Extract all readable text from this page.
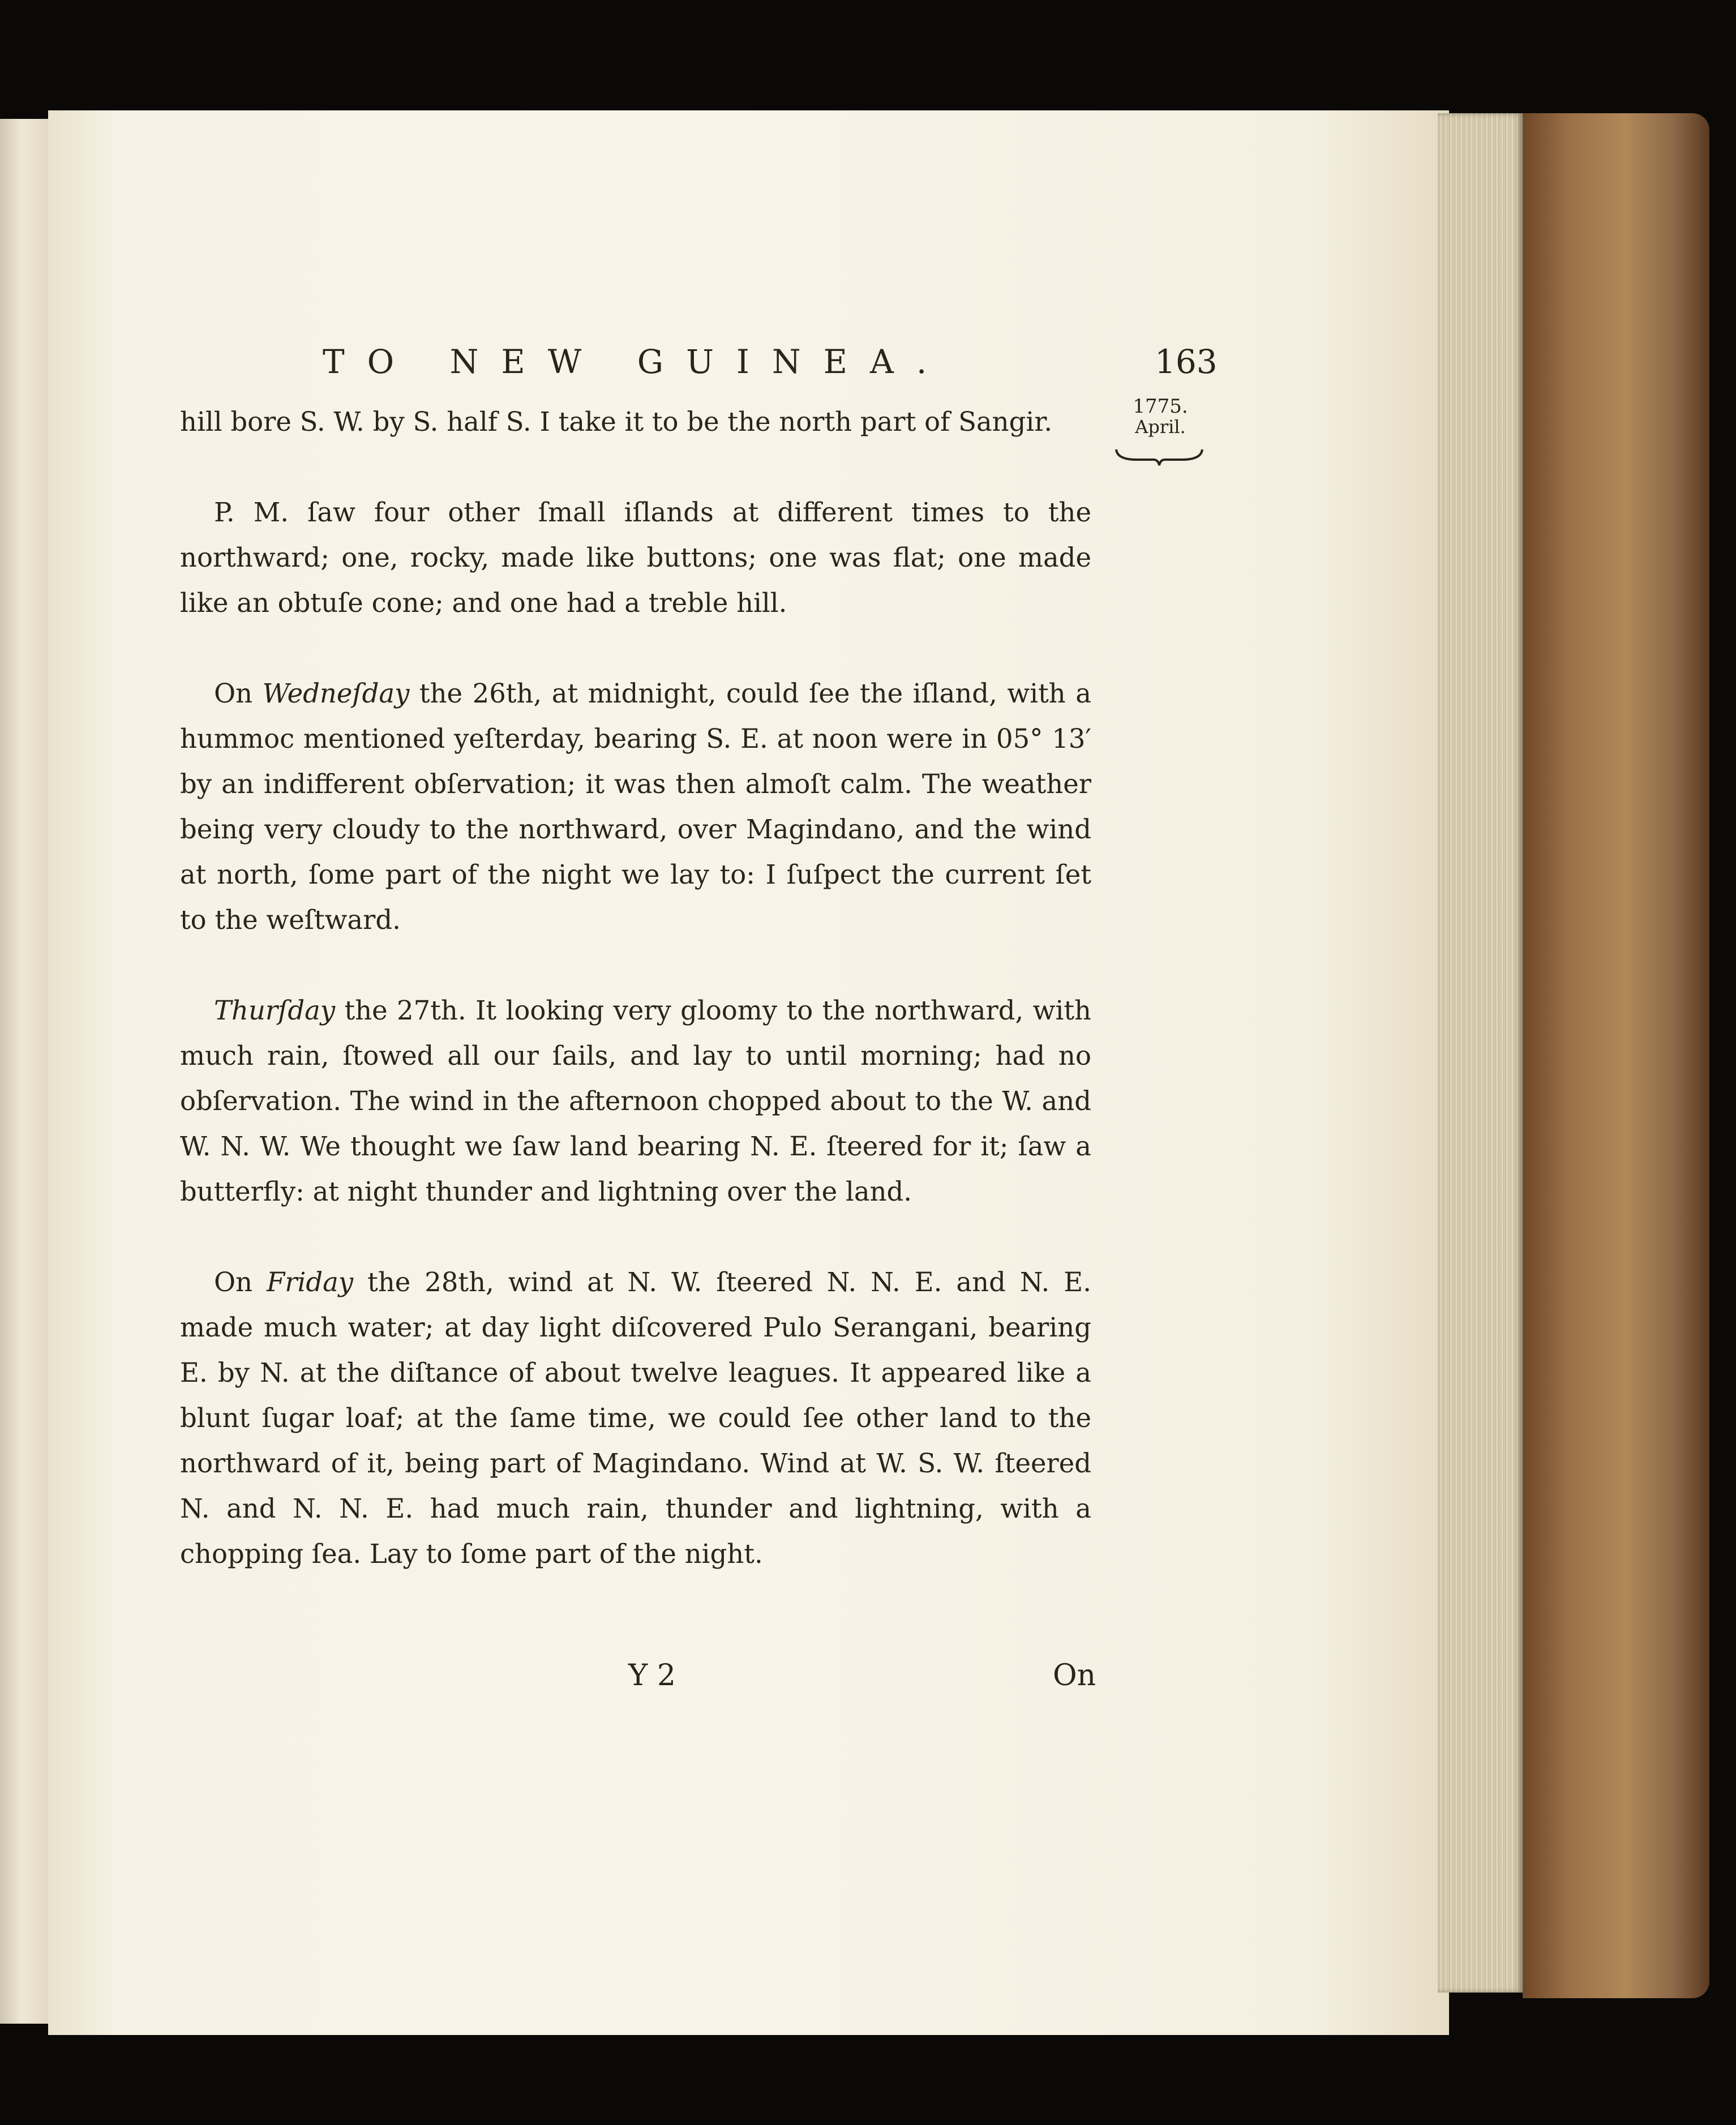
TO NEW GUINEA.	163
1775.
April.

hill bore S. W. by S. half S. I take it to be the north part of Sangir.

P. M. ſaw four other ſmall iſlands at different times to the northward; one, rocky, made like buttons; one was flat; one made like an obtuſe cone; and one had a treble hill.

On Wedneſday the 26th, at midnight, could ſee the iſland, with a hummoc mentioned yeſterday, bearing S. E. at noon were in 05° 13′ by an indifferent obſervation; it was then almoſt calm. The weather being very cloudy to the northward, over Magindano, and the wind at north, ſome part of the night we lay to: I ſuſpect the current ſet to the weſtward.

Thurſday the 27th. It looking very gloomy to the northward, with much rain, ſtowed all our ſails, and lay to until morning; had no obſervation. The wind in the afternoon chopped about to the W. and W. N. W. We thought we ſaw land bearing N. E. ſteered for it; ſaw a butterfly: at night thunder and lightning over the land.

On Friday the 28th, wind at N. W. ſteered N. N. E. and N. E. made much water; at day light diſcovered Pulo Serangani, bearing E. by N. at the diſtance of about twelve leagues. It appeared like a blunt ſugar loaf; at the ſame time, we could ſee other land to the northward of it, being part of Magindano. Wind at W. S. W. ſteered N. and N. N. E. had much rain, thunder and lightning, with a chopping ſea. Lay to ſome part of the night.

Y 2	On
